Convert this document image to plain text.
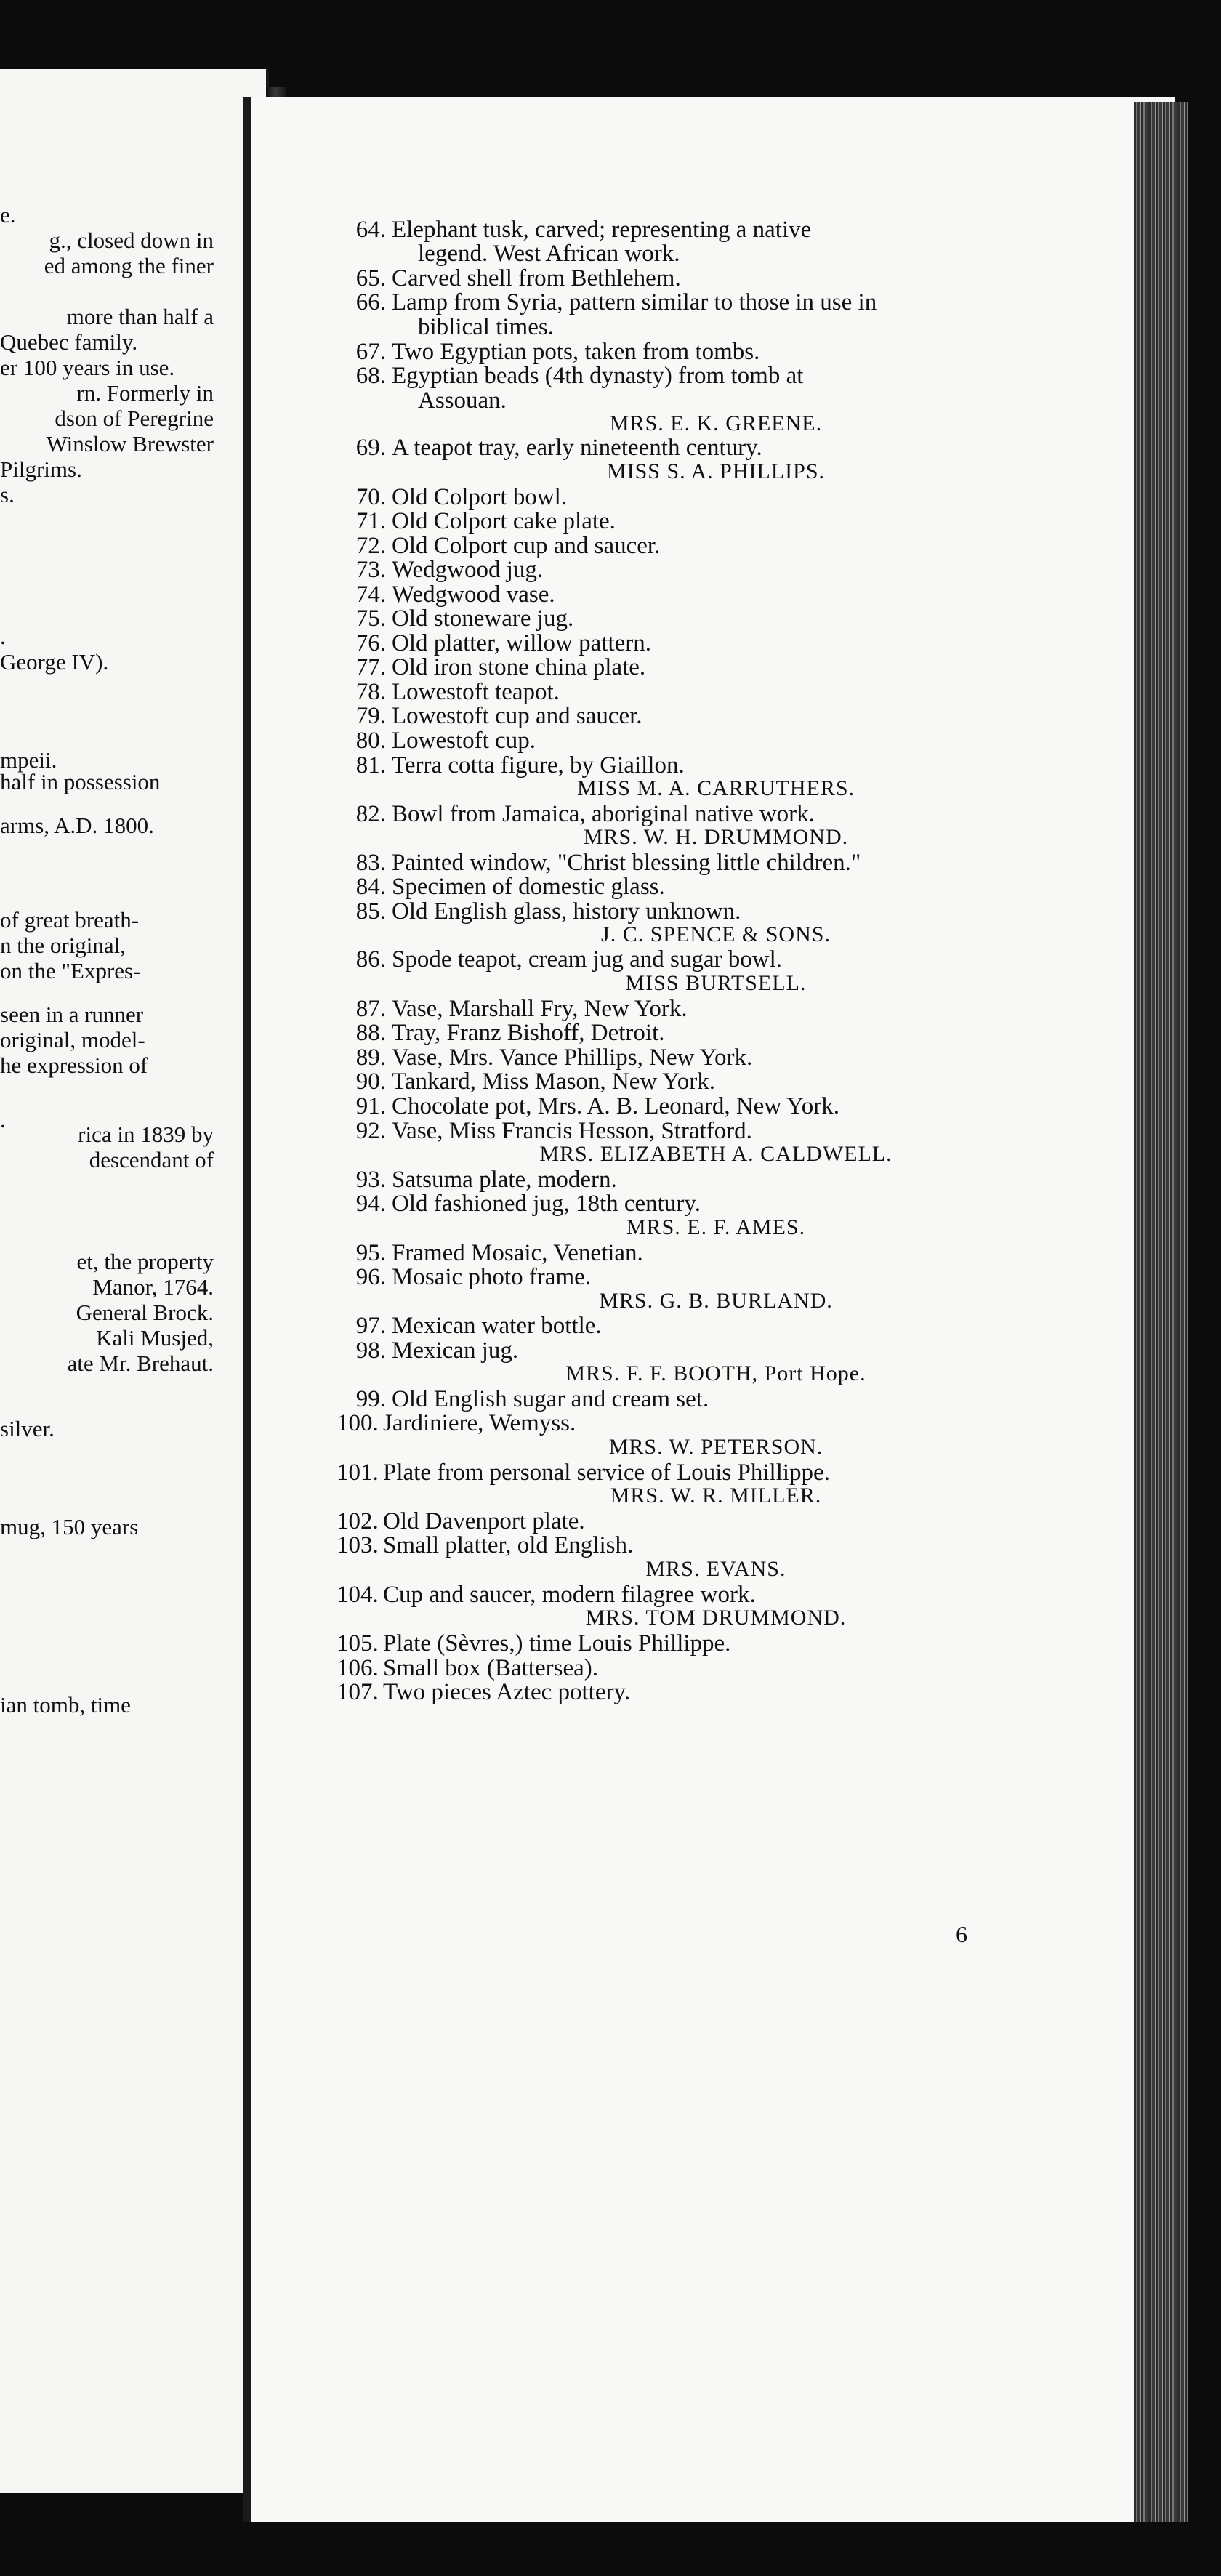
e.
g., closed down in
ed among the finer
more than half a
Quebec family.
er 100 years in use.
rn. Formerly in
dson of Peregrine
Winslow Brewster
Pilgrims.
s.
.
George IV).
mpeii.
half in possession
arms, A.D. 1800.
of great breath-
n the original,
on the "Expres-
seen in a runner
original, model-
he expression of
.
rica in 1839 by
descendant of
et, the property
Manor, 1764.
General Brock.
Kali Musjed,
ate Mr. Brehaut.
silver.
mug, 150 years
ian tomb, time
6
64. Elephant tusk, carved; representing a native
legend. West African work.
65. Carved shell from Bethlehem.
66. Lamp from Syria, pattern similar to those in use in
biblical times.
67. Two Egyptian pots, taken from tombs.
68. Egyptian beads (4th dynasty) from tomb at
Assouan.
MRS. E. K. GREENE.
69. A teapot tray, early nineteenth century.
MISS S. A. PHILLIPS.
70. Old Colport bowl.
71. Old Colport cake plate.
72. Old Colport cup and saucer.
73. Wedgwood jug.
74. Wedgwood vase.
75. Old stoneware jug.
76. Old platter, willow pattern.
77. Old iron stone china plate.
78. Lowestoft teapot.
79. Lowestoft cup and saucer.
80. Lowestoft cup.
81. Terra cotta figure, by Giaillon.
MISS M. A. CARRUTHERS.
82. Bowl from Jamaica, aboriginal native work.
MRS. W. H. DRUMMOND.
83. Painted window, "Christ blessing little children."
84. Specimen of domestic glass.
85. Old English glass, history unknown.
J. C. SPENCE & SONS.
86. Spode teapot, cream jug and sugar bowl.
MISS BURTSELL.
87. Vase, Marshall Fry, New York.
88. Tray, Franz Bishoff, Detroit.
89. Vase, Mrs. Vance Phillips, New York.
90. Tankard, Miss Mason, New York.
91. Chocolate pot, Mrs. A. B. Leonard, New York.
92. Vase, Miss Francis Hesson, Stratford.
MRS. ELIZABETH A. CALDWELL.
93. Satsuma plate, modern.
94. Old fashioned jug, 18th century.
MRS. E. F. AMES.
95. Framed Mosaic, Venetian.
96. Mosaic photo frame.
MRS. G. B. BURLAND.
97. Mexican water bottle.
98. Mexican jug.
MRS. F. F. BOOTH, Port Hope.
99. Old English sugar and cream set.
100. Jardiniere, Wemyss.
MRS. W. PETERSON.
101. Plate from personal service of Louis Phillippe.
MRS. W. R. MILLER.
102. Old Davenport plate.
103. Small platter, old English.
MRS. EVANS.
104. Cup and saucer, modern filagree work.
MRS. TOM DRUMMOND.
105. Plate (Sèvres,) time Louis Phillippe.
106. Small box (Battersea).
107. Two pieces Aztec pottery.
